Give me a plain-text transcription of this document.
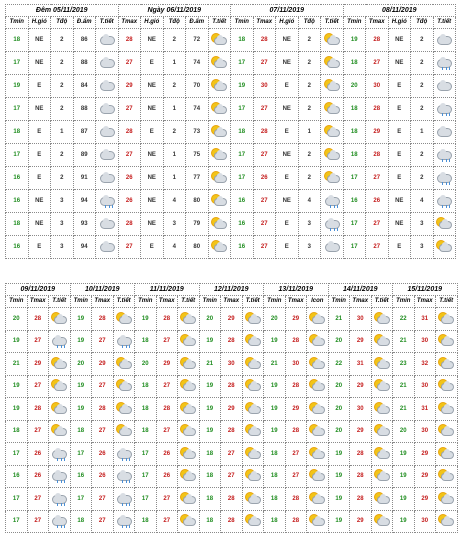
Đêm 05/11/2019					Ngày 06/11/2019					07/11/2019					08/11/2019				
Tmin	H.gió	Tđộ	Đ.ẩm	T.tiết	Tmax	H.gió	Tđộ	Đ.ẩm	T.tiết	Tmin	Tmax	H.gió	Tđộ	T.tiết	Tmin	Tmax	H.gió	Tđộ	T.tiết
18	NE	2	86		28	NE	2	72		18	28	NE	2		19	28	NE	2	

17	NE	2	88		27	E	1	74		17	27	NE	2		18	27	NE	2	

19	E	2	84		29	NE	2	70		19	30	E	2		20	30	E	2	

17	NE	2	88		27	NE	1	74		17	27	NE	2		18	28	E	2	

18	E	1	87		28	E	2	73		18	28	E	1		18	29	E	1	

17	E	2	89		27	NE	1	75		17	27	NE	2		18	28	E	2	

16	E	2	91		26	NE	1	77		17	26	E	2		17	27	E	2	

16	NE	3	94		26	NE	4	80		16	27	NE	4		16	26	NE	4	

18	NE	3	93		28	NE	3	79		16	27	E	3		17	27	NE	3	

16	E	3	94		27	E	4	80		16	27	E	3		17	27	E	3	
09/11/2019			10/11/2019			11/11/2019			12/11/2019			13/11/2019			14/11/2019			15/11/2019		
Tmin	Tmax	T.tiết	Tmin	Tmax	T.tiết	Tmin	Tmax	T.tiết	Tmin	Tmax	T.tiết	Tmin	Tmax	Icon	Tmin	Tmax	T.tiết	Tmin	Tmax	T.tiết
20	28		19	28		19	28		20	29		20	29		21	30		22	31	

19	27		19	27		18	27		19	28		19	28		20	29		21	30	

21	29		20	29		20	29		21	30		21	30		22	31		23	32	

19	27		19	27		18	27		19	28		19	28		20	29		21	30	

19	28		19	28		18	28		19	29		19	29		20	30		21	31	

18	27		18	27		18	27		19	28		19	28		20	29		20	30	

17	26		17	26		17	26		18	27		18	27		19	28		19	29	

16	26		16	26		17	26		18	27		18	27		19	28		19	29	

17	27		17	27		17	27		18	28		18	28		19	28		19	29	

17	27		18	27		18	27		18	28		18	28		19	29		19	30	
